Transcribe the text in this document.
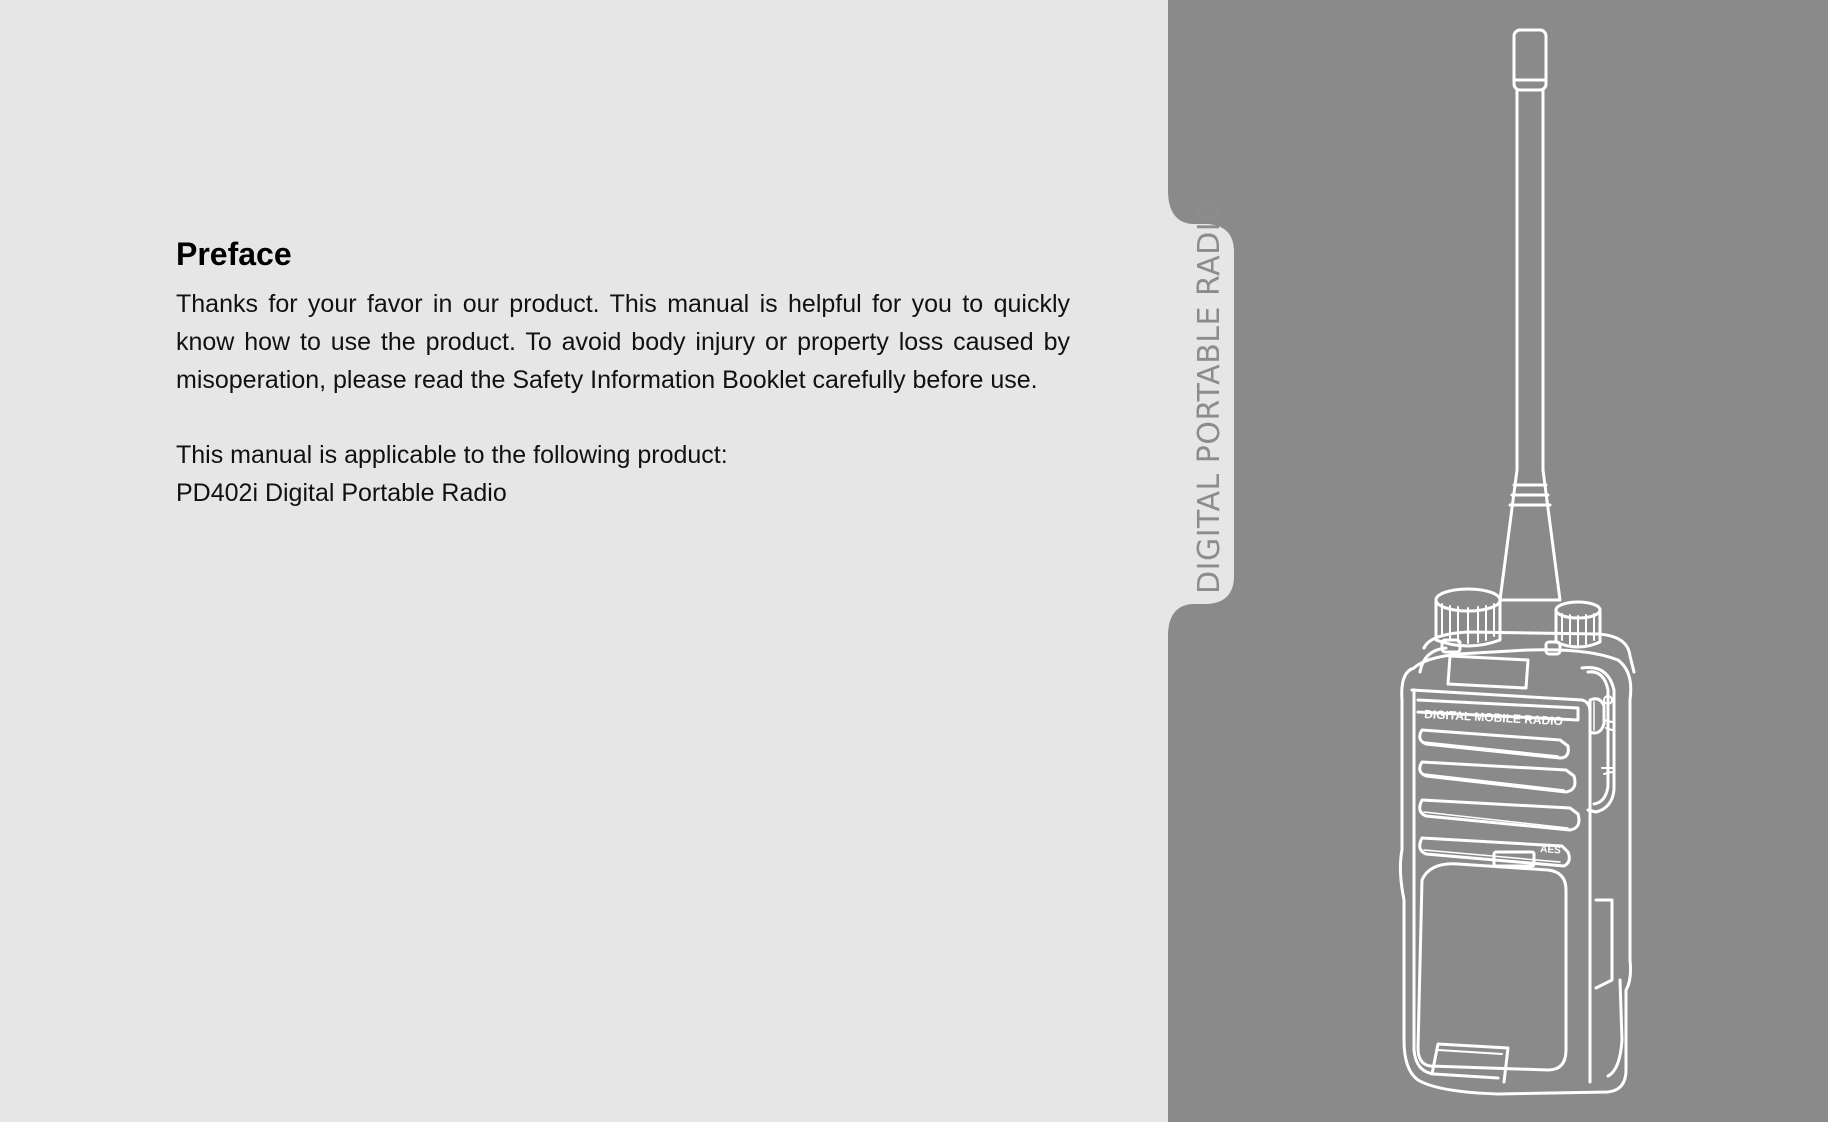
Preface

Thanks for your favor in our product. This manual is helpful for you to quickly know how to use the product. To avoid body injury or property loss caused by misoperation, please read the Safety Information Booklet carefully before use.

This manual is applicable to the following product:
PD402i Digital Portable Radio
DIGITAL MOBILE RADIO
AES
DIGITAL PORTABLE RADIO
